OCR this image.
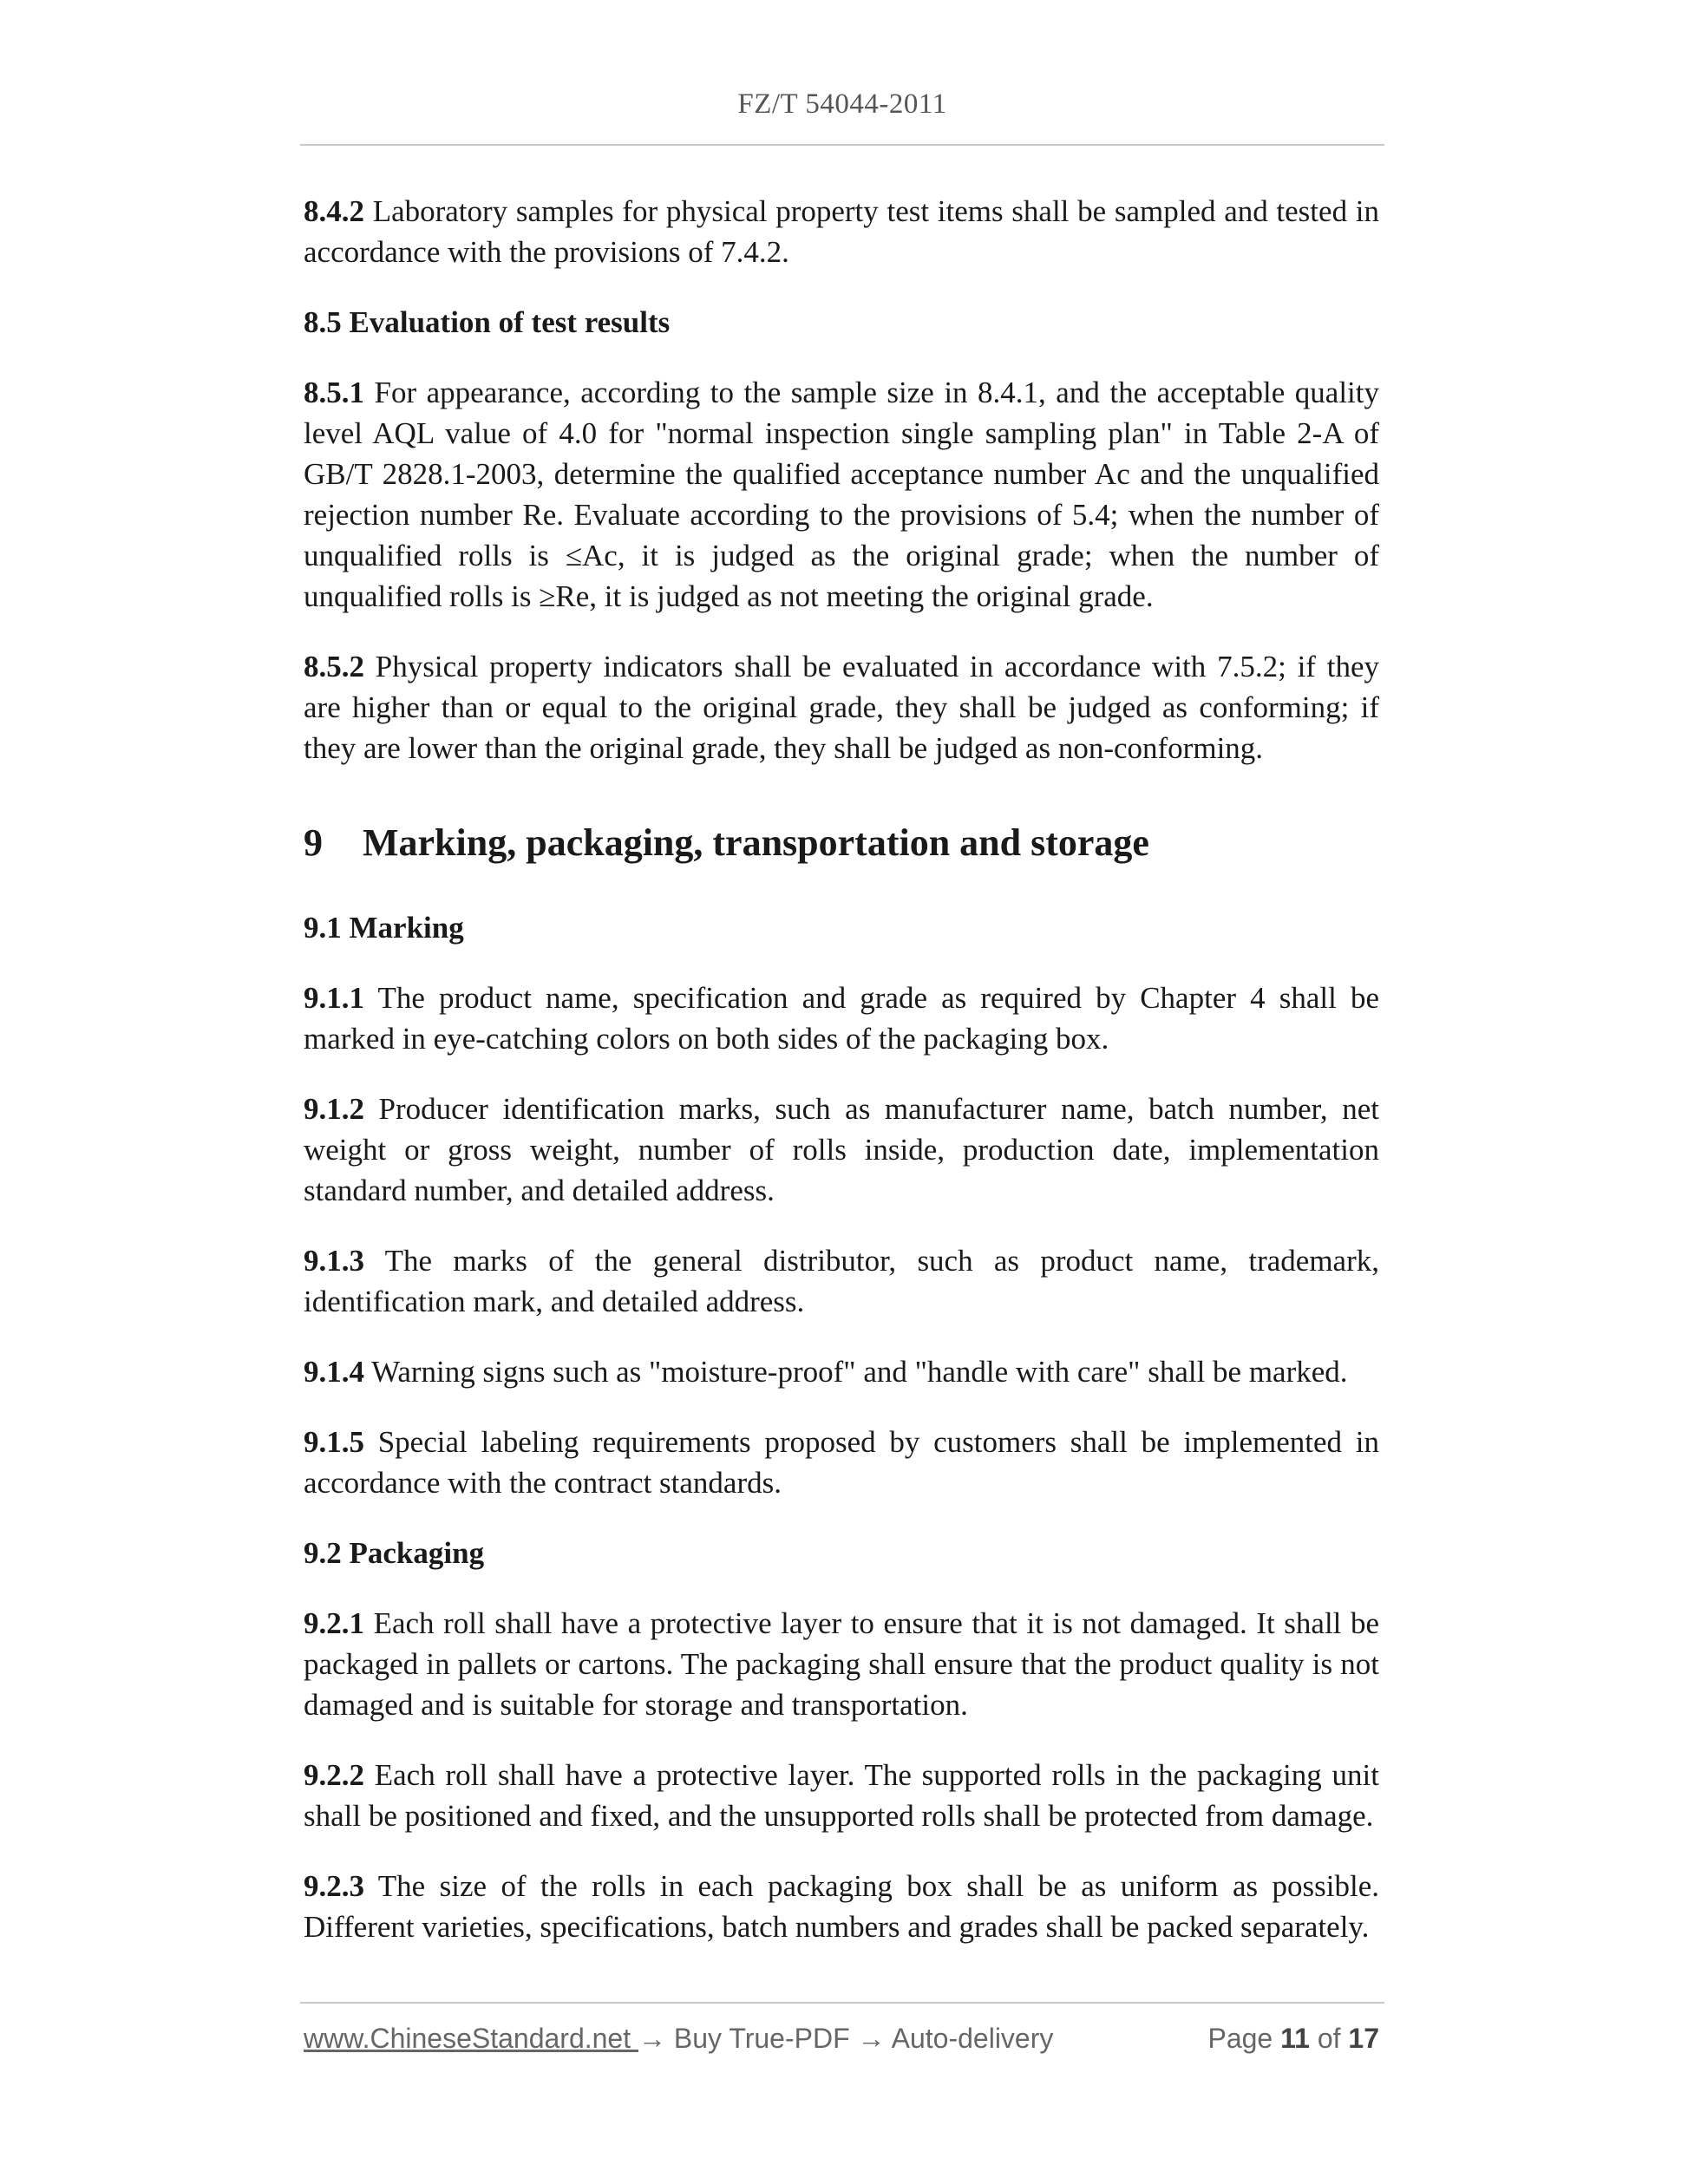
FZ/T 54044-2011

8.4.2 Laboratory samples for physical property test items shall be sampled and tested in accordance with the provisions of 7.4.2.

8.5 Evaluation of test results

8.5.1 For appearance, according to the sample size in 8.4.1, and the acceptable quality level AQL value of 4.0 for "normal inspection single sampling plan" in Table 2-A of GB/T 2828.1-2003, determine the qualified acceptance number Ac and the unqualified rejection number Re. Evaluate according to the provisions of 5.4; when the number of unqualified rolls is ≤Ac, it is judged as the original grade; when the number of unqualified rolls is ≥Re, it is judged as not meeting the original grade.

8.5.2 Physical property indicators shall be evaluated in accordance with 7.5.2; if they are higher than or equal to the original grade, they shall be judged as conforming; if they are lower than the original grade, they shall be judged as non-conforming.

9 Marking, packaging, transportation and storage
9.1 Marking

9.1.1 The product name, specification and grade as required by Chapter 4 shall be marked in eye-catching colors on both sides of the packaging box.

9.1.2 Producer identification marks, such as manufacturer name, batch number, net weight or gross weight, number of rolls inside, production date, implementation standard number, and detailed address.

9.1.3 The marks of the general distributor, such as product name, trademark, identification mark, and detailed address.

9.1.4 Warning signs such as "moisture-proof" and "handle with care" shall be marked.

9.1.5 Special labeling requirements proposed by customers shall be implemented in accordance with the contract standards.

9.2 Packaging

9.2.1 Each roll shall have a protective layer to ensure that it is not damaged. It shall be packaged in pallets or cartons. The packaging shall ensure that the product quality is not damaged and is suitable for storage and transportation.

9.2.2 Each roll shall have a protective layer. The supported rolls in the packaging unit shall be positioned and fixed, and the unsupported rolls shall be protected from damage.

9.2.3 The size of the rolls in each packaging box shall be as uniform as possible. Different varieties, specifications, batch numbers and grades shall be packed separately.

www.ChineseStandard.net → Buy True-PDF → Auto-delivery	Page 11 of 17
